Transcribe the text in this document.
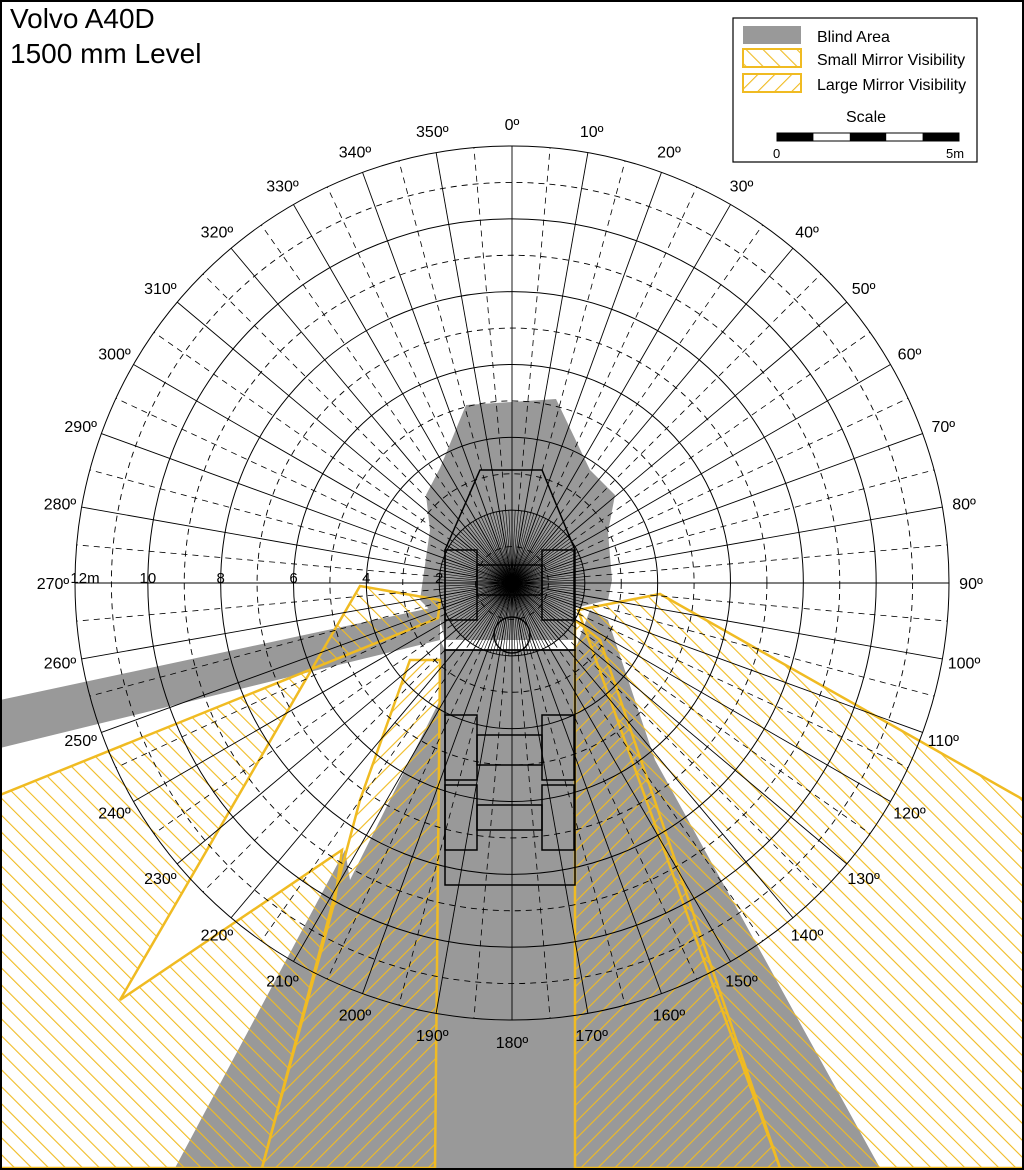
0º	10º
20º
30º
40º
50º
60º
70º
80º
90º
100º
110º
120º
130º
140º
150º
160º
170º
180º
190º
200º
210º
220º
230º
240º
250º
260º
270º
280º
290º
300º
310º
320º
330º
340º
350º
12m	10	8	6	4	2
Volvo A40D
1500 mm Level
Blind Area
Small Mirror Visibility
Large Mirror Visibility
Scale
0	5m
